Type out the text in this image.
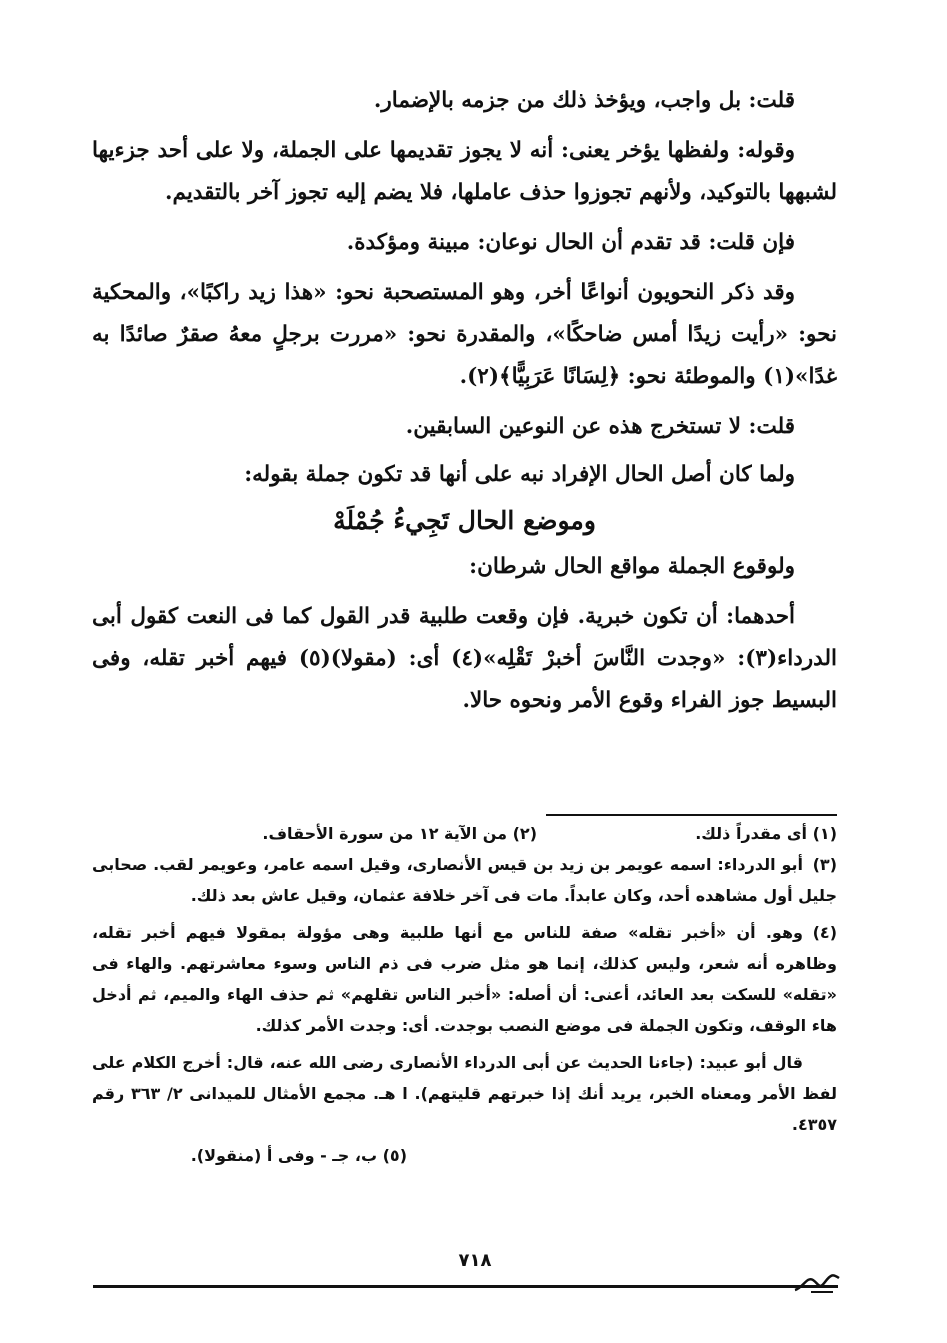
قلت: بل واجب، ويؤخذ ذلك من جزمه بالإضمار.

وقوله: ولفظها يؤخر يعنى: أنه لا يجوز تقديمها على الجملة، ولا على أحد جزءيها لشبهها بالتوكيد، ولأنهم تجوزوا حذف عاملها، فلا يضم إليه تجوز آخر بالتقديم.

فإن قلت: قد تقدم أن الحال نوعان: مبينة ومؤكدة.

وقد ذكر النحويون أنواعًا أخر، وهو المستصحبة نحو: «هذا زيد راكبًا»، والمحكية نحو: «رأيت زيدًا أمس ضاحكًا»، والمقدرة نحو: «مررت برجلٍ معهُ صقرٌ صائدًا به غدًا»(١) والموطئة نحو: ﴿لِسَانًا عَرَبِيًّا﴾(٢).

قلت: لا تستخرج هذه عن النوعين السابقين.

ولما كان أصل الحال الإفراد نبه على أنها قد تكون جملة بقوله:

وموضع الحال تَجِيءُ جُمْلَهْ

ولوقوع الجملة مواقع الحال شرطان:

أحدهما: أن تكون خبرية. فإن وقعت طلبية قدر القول كما فى النعت كقول أبى الدرداء(٣): «وجدت النَّاسَ أخبرْ تَقْلِه»(٤) أى: (مقولا)(٥) فيهم أخبر تقله، وفى البسيط جوز الفراء وقوع الأمر ونحوه حالا.

(١) أى مقدراً ذلك.
(٢) من الآية ١٢ من سورة الأحقاف.

(٣)أبو الدرداء: اسمه عويمر بن زيد بن قيس الأنصارى، وقيل اسمه عامر، وعويمر لقب. صحابى جليل أول مشاهده أحد، وكان عابداً. مات فى آخر خلافة عثمان، وقيل عاش بعد ذلك.

(٤)وهو. أن «أخبر تقله» صفة للناس مع أنها طلبية وهى مؤولة بمقولا فيهم أخبر تقله، وظاهره أنه شعر، وليس كذلك، إنما هو مثل ضرب فى ذم الناس وسوء معاشرتهم. والهاء فى «تقله» للسكت بعد العائد، أعنى: أن أصله: «أخبر الناس تقلهم» ثم حذف الهاء والميم، ثم أدخل هاء الوقف، وتكون الجملة فى موضع النصب بوجدت. أى: وجدت الأمر كذلك.

قال أبو عبيد: (جاءنا الحديث عن أبى الدرداء الأنصارى رضى الله عنه، قال: أخرج الكلام على لفظ الأمر ومعناه الخبر، يريد أنك إذا خبرتهم قليتهم). ا هـ. مجمع الأمثال للميدانى ٢/ ٣٦٣ رقم ٤٣٥٧.

(٥) ب، جـ - وفى أ (منقولا).

٧١٨
